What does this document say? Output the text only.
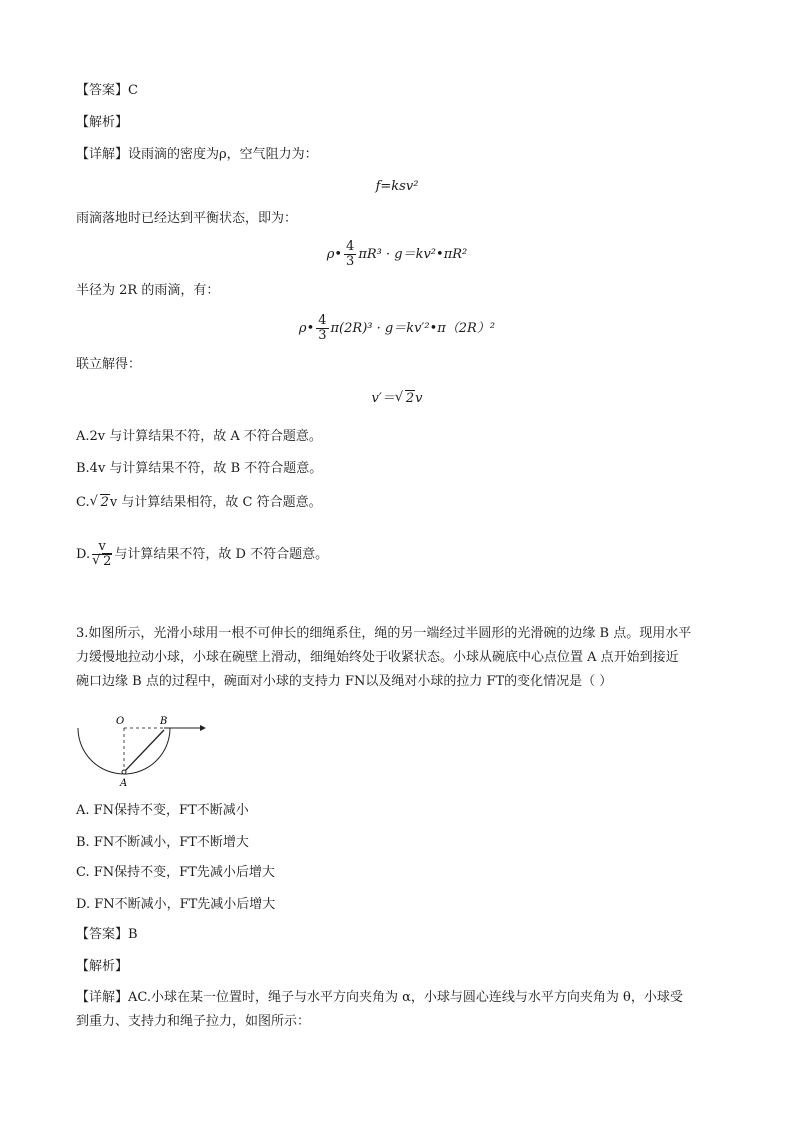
【答案】C
【解析】
【详解】设雨滴的密度为ρ，空气阻力为：
f=ksv²
雨滴落地时已经达到平衡状态，即为：
ρ• $\frac{4}{3} \pi R^3$ · g＝kv²•πR²
半径为 2R 的雨滴，有：
ρ• $\frac{4}{3} \pi(2R)^3$ · g＝kv′²•π（2R）²
联立解得：
v′＝ √ 2v
A.2v 与计算结果不符，故 A 不符合题意。
B.4v 与计算结果不符，故 B 不符合题意。
C. √ 2v 与计算结果相符，故 C 符合题意。
D. v
√ 2 与计算结果不符，故 D 不符合题意。
3.如图所示，光滑小球用一根不可伸长的细绳系住，绳的另一端经过半圆形的光滑碗的边缘 B 点。现用水平
力缓慢地拉动小球，小球在碗壁上滑动，细绳始终处于收紧状态。小球从碗底中心点位置 A 点开始到接近
碗口边缘 B 点的过程中，碗面对小球的支持力 FN以及绳对小球的拉力 FT的变化情况是（ ）
O	B
A
A. FN保持不变，FT不断减小
B. FN不断减小，FT不断增大
C. FN保持不变，FT先减小后增大
D. FN不断减小，FT先减小后增大
【答案】B
【解析】
【详解】AC.小球在某一位置时，绳子与水平方向夹角为 α，小球与圆心连线与水平方向夹角为 θ，小球受
到重力、支持力和绳子拉力，如图所示：
